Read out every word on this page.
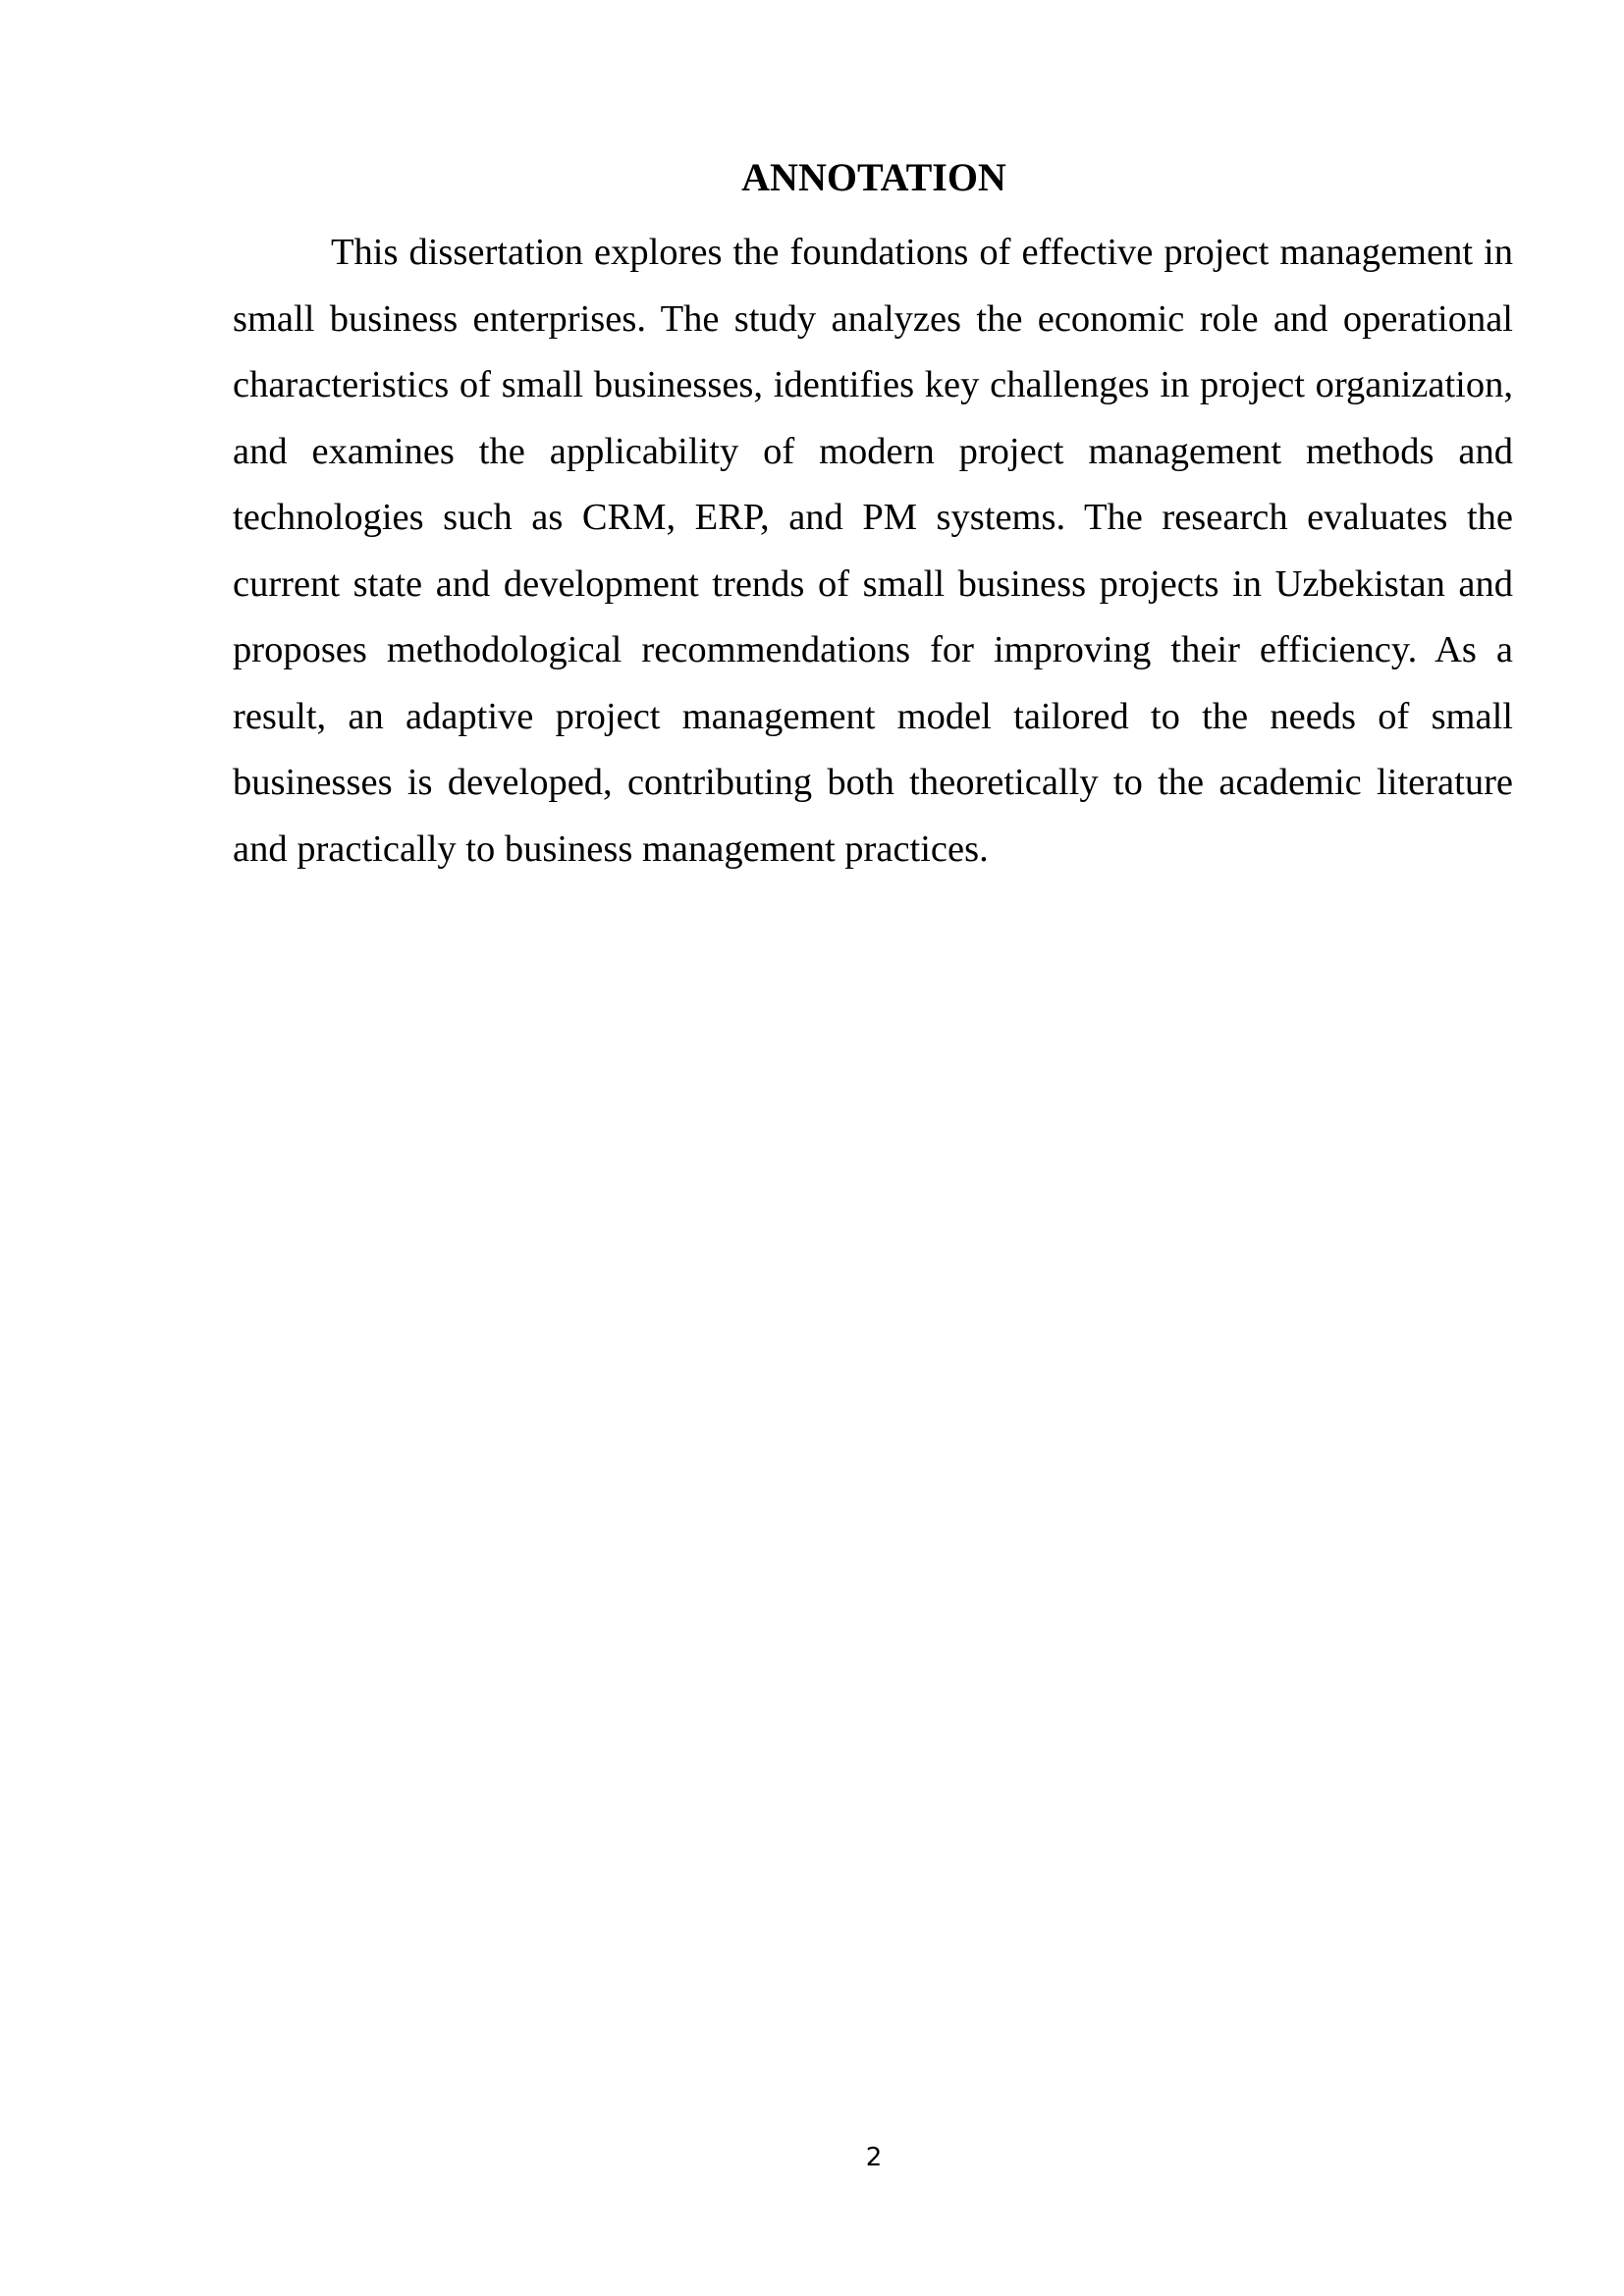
ANNOTATION

This dissertation explores the foundations of effective project management in small business enterprises. The study analyzes the economic role and operational characteristics of small businesses, identifies key challenges in project organization, and examines the applicability of modern project management methods and technologies such as CRM, ERP, and PM systems. The research evaluates the current state and development trends of small business projects in Uzbekistan and proposes methodological recommendations for improving their efficiency. As a result, an adaptive project management model tailored to the needs of small businesses is developed, contributing both theoretically to the academic literature and practically to business management practices.

2
